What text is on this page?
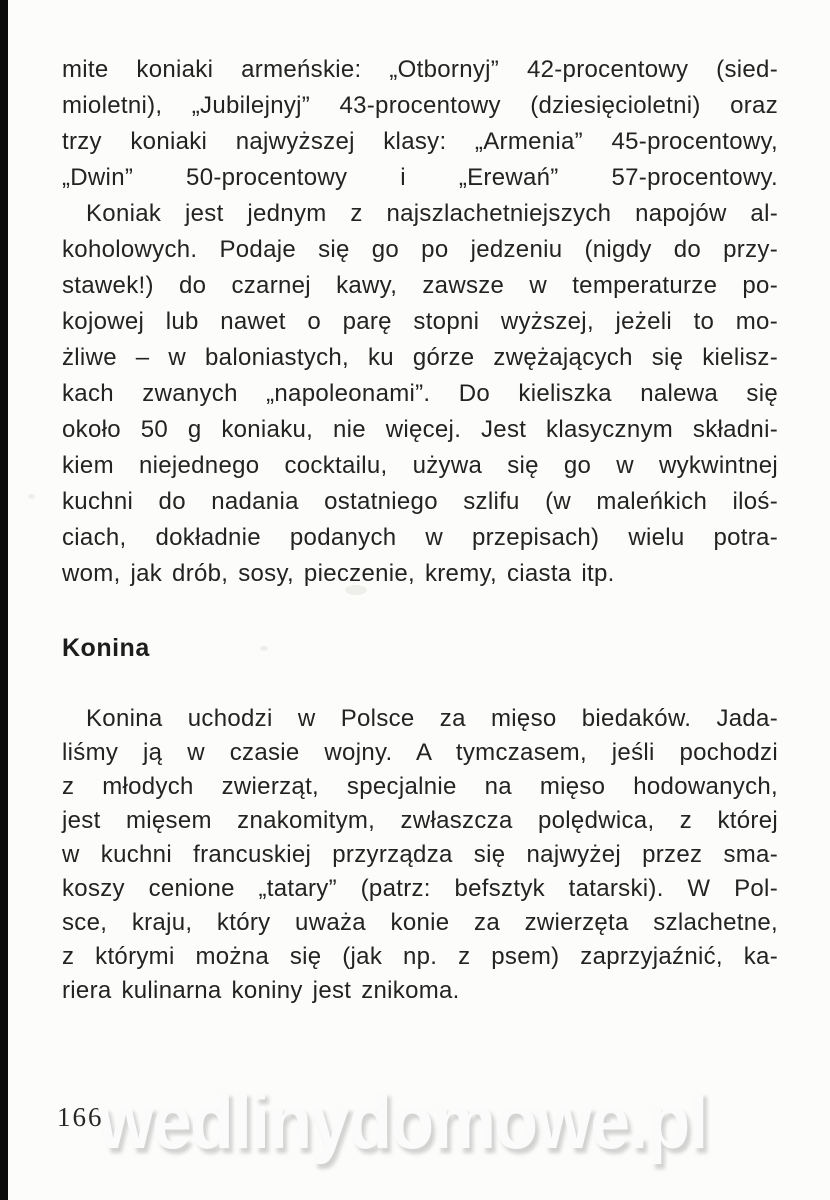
mite koniaki armeńskie: „Otbornyj” 42-procentowy (sied-
mioletni), „Jubilejnyj” 43-procentowy (dziesięcioletni) oraz
trzy koniaki najwyższej klasy: „Armenia” 45-procentowy,
„Dwin” 50-procentowy i „Erewań” 57-procentowy.
Koniak jest jednym z najszlachetniejszych napojów al-
koholowych. Podaje się go po jedzeniu (nigdy do przy-
stawek!) do czarnej kawy, zawsze w temperaturze po-
kojowej lub nawet o parę stopni wyższej, jeżeli to mo-
żliwe – w baloniastych, ku górze zwężających się kielisz-
kach zwanych „napoleonami”. Do kieliszka nalewa się
około 50 g koniaku, nie więcej. Jest klasycznym składni-
kiem niejednego cocktailu, używa się go w wykwintnej
kuchni do nadania ostatniego szlifu (w maleńkich iloś-
ciach, dokładnie podanych w przepisach) wielu potra-
wom, jak drób, sosy, pieczenie, kremy, ciasta itp.
Konina
Konina uchodzi w Polsce za mięso biedaków. Jada-
liśmy ją w czasie wojny. A tymczasem, jeśli pochodzi
z młodych zwierząt, specjalnie na mięso hodowanych,
jest mięsem znakomitym, zwłaszcza polędwica, z której
w kuchni francuskiej przyrządza się najwyżej przez sma-
koszy cenione „tatary” (patrz: befsztyk tatarski). W Pol-
sce, kraju, który uważa konie za zwierzęta szlachetne,
z którymi można się (jak np. z psem) zaprzyjaźnić, ka-
riera kulinarna koniny jest znikoma.
166
wedlinydomowe.pl
